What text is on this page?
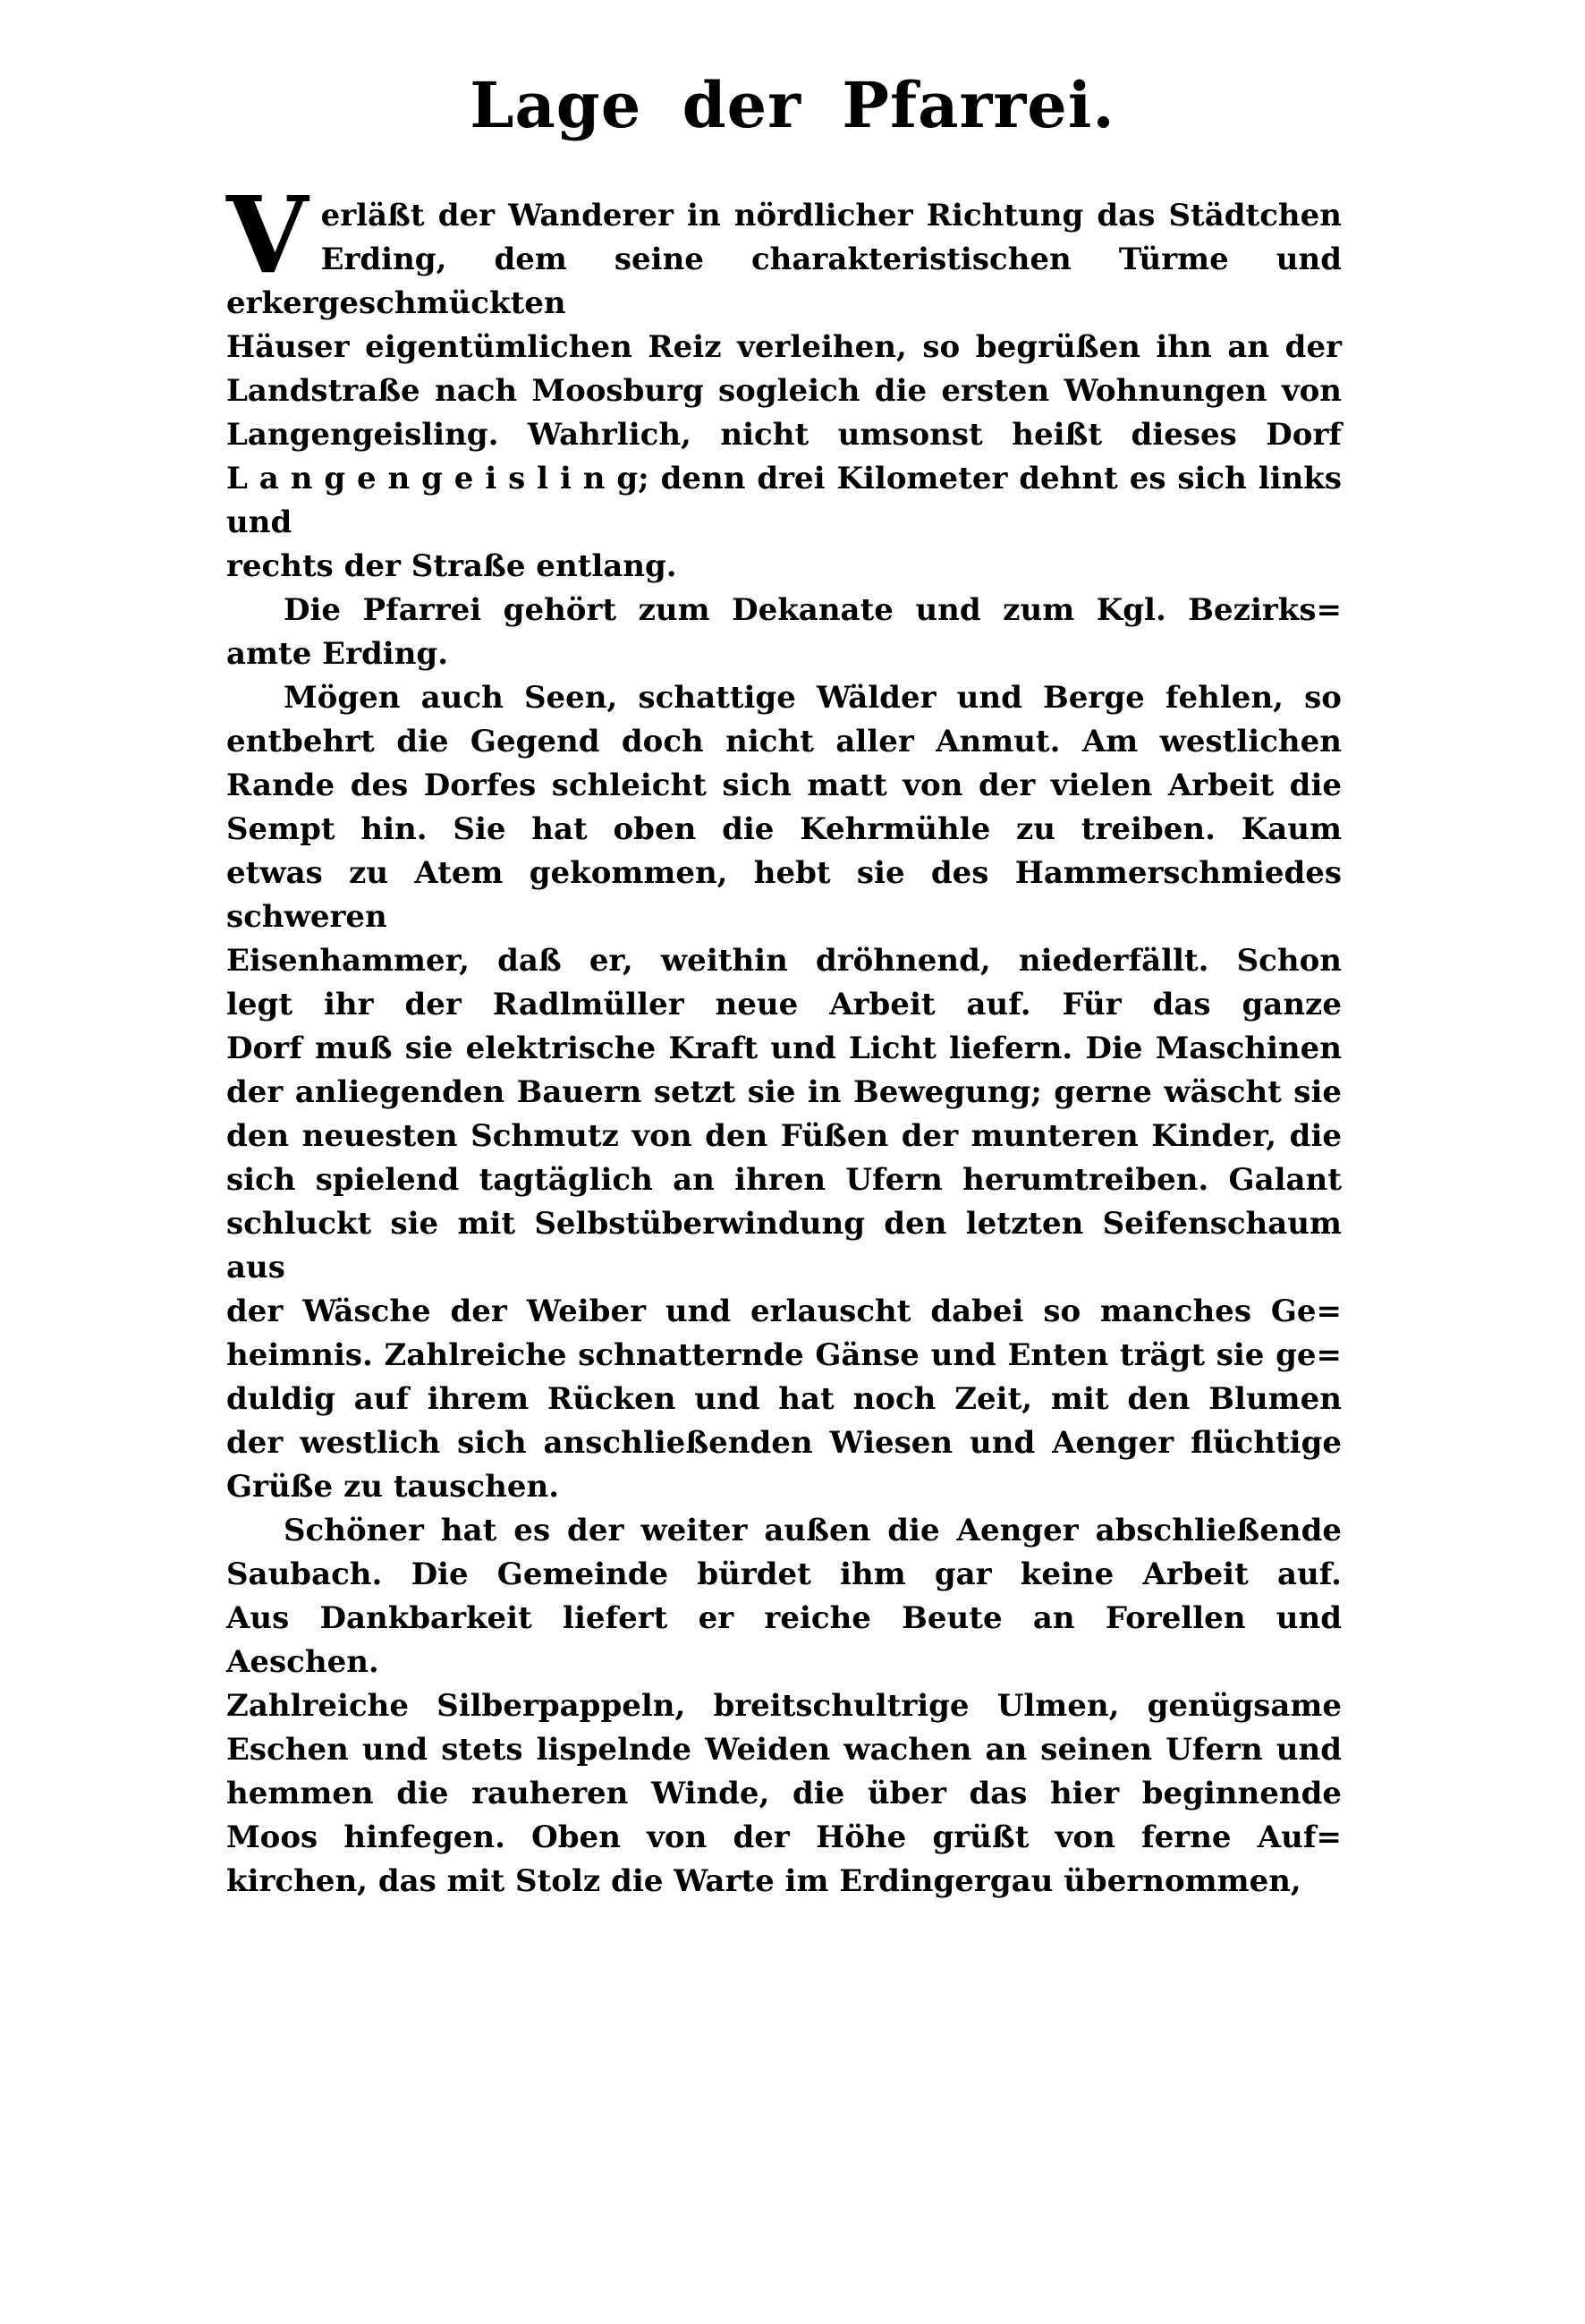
Lage der Pfarrei.
V erläßt der Wanderer in nördlicher Richtung das Städtchen
Erding, dem seine charakteristischen Türme und erkergeschmückten
Häuser eigentümlichen Reiz verleihen, so begrüßen ihn an der
Landstraße nach Moosburg sogleich die ersten Wohnungen von
Langengeisling. Wahrlich, nicht umsonst heißt dieses Dorf
L a n g e n g e i s l i n g; denn drei Kilometer dehnt es sich links und
rechts der Straße entlang.
Die Pfarrei gehört zum Dekanate und zum Kgl. Bezirks=
amte Erding.
Mögen auch Seen, schattige Wälder und Berge fehlen, so
entbehrt die Gegend doch nicht aller Anmut. Am westlichen
Rande des Dorfes schleicht sich matt von der vielen Arbeit die
Sempt hin. Sie hat oben die Kehrmühle zu treiben. Kaum
etwas zu Atem gekommen, hebt sie des Hammerschmiedes schweren
Eisenhammer, daß er, weithin dröhnend, niederfällt. Schon
legt ihr der Radlmüller neue Arbeit auf. Für das ganze
Dorf muß sie elektrische Kraft und Licht liefern. Die Maschinen
der anliegenden Bauern setzt sie in Bewegung; gerne wäscht sie
den neuesten Schmutz von den Füßen der munteren Kinder, die
sich spielend tagtäglich an ihren Ufern herumtreiben. Galant
schluckt sie mit Selbstüberwindung den letzten Seifenschaum aus
der Wäsche der Weiber und erlauscht dabei so manches Ge=
heimnis. Zahlreiche schnatternde Gänse und Enten trägt sie ge=
duldig auf ihrem Rücken und hat noch Zeit, mit den Blumen
der westlich sich anschließenden Wiesen und Aenger flüchtige
Grüße zu tauschen.
Schöner hat es der weiter außen die Aenger abschließende
Saubach. Die Gemeinde bürdet ihm gar keine Arbeit auf.
Aus Dankbarkeit liefert er reiche Beute an Forellen und Aeschen.
Zahlreiche Silberpappeln, breitschultrige Ulmen, genügsame
Eschen und stets lispelnde Weiden wachen an seinen Ufern und
hemmen die rauheren Winde, die über das hier beginnende
Moos hinfegen. Oben von der Höhe grüßt von ferne Auf=
kirchen, das mit Stolz die Warte im Erdingergau übernommen,
